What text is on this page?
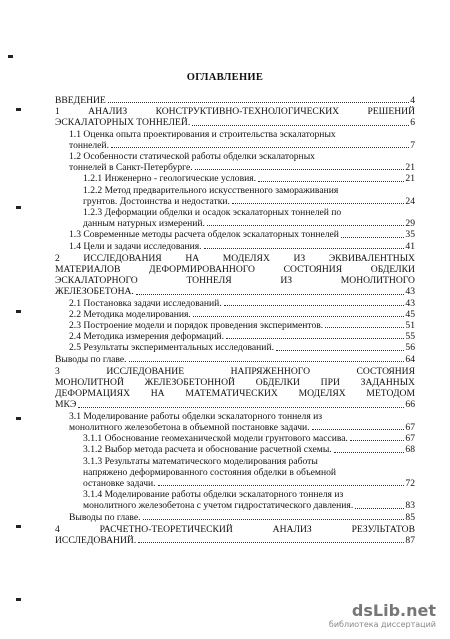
ОГЛАВЛЕНИЕ
ВВЕДЕНИЕ	4
1 АНАЛИЗ КОНСТРУКТИВНО-ТЕХНОЛОГИЧЕСКИХ РЕШЕНИЙ
ЭСКАЛАТОРНЫХ ТОННЕЛЕЙ.	6
1.1 Оценка опыта проектирования и строительства эскалаторных
тоннелей.	7
1.2 Особенности статической работы обделки эскалаторных
тоннелей в Санкт-Петербурге.	21
1.2.1 Инженерно - геологические условия.	21
1.2.2 Метод предварительного искусственного замораживания
грунтов. Достоинства и недостатки.	24
1.2.3 Деформации обделки и осадок эскалаторных тоннелей по
данным натурных измерений.	29
1.3 Современные методы расчета обделок эскалаторных тоннелей	35
1.4 Цели и задачи исследования.	41
2 ИССЛЕДОВАНИЯ НА МОДЕЛЯХ ИЗ ЭКВИВАЛЕНТНЫХ
МАТЕРИАЛОВ ДЕФОРМИРОВАННОГО СОСТОЯНИЯ ОБДЕЛКИ
ЭСКАЛАТОРНОГО ТОННЕЛЯ ИЗ МОНОЛИТНОГО
ЖЕЛЕЗОБЕТОНА.	43
2.1 Постановка задачи исследований.	43
2.2 Методика моделирования.	45
2.3 Построение модели и порядок проведения экспериментов.	51
2.4 Методика измерения деформаций.	55
2.5 Результаты экспериментальных исследований.	56
Выводы по главе.	64
3 ИССЛЕДОВАНИЕ НАПРЯЖЕННОГО СОСТОЯНИЯ
МОНОЛИТНОЙ ЖЕЛЕЗОБЕТОННОЙ ОБДЕЛКИ ПРИ ЗАДАННЫХ
ДЕФОРМАЦИЯХ НА МАТЕМАТИЧЕСКИХ МОДЕЛЯХ МЕТОДОМ
МКЭ	66
3.1 Моделирование работы обделки эскалаторного тоннеля из
монолитного железобетона в объемной постановке задачи.	67
3.1.1 Обоснование геомеханической модели грунтового массива.	67
3.1.2 Выбор метода расчета и обоснование расчетной схемы.	68
3.1.3 Результаты математического моделирования работы
напряжено деформированного состояния обделки в объемной
остановке задачи.	72
3.1.4 Моделирование работы обделки эскалаторного тоннеля из
монолитного железобетона с учетом гидростатического давления.	83
Выводы по главе.	85
4 РАСЧЕТНО-ТЕОРЕТИЧЕСКИЙ АНАЛИЗ РЕЗУЛЬТАТОВ
ИССЛЕДОВАНИЙ.	87
dsLib.net
библиотека диссертаций
